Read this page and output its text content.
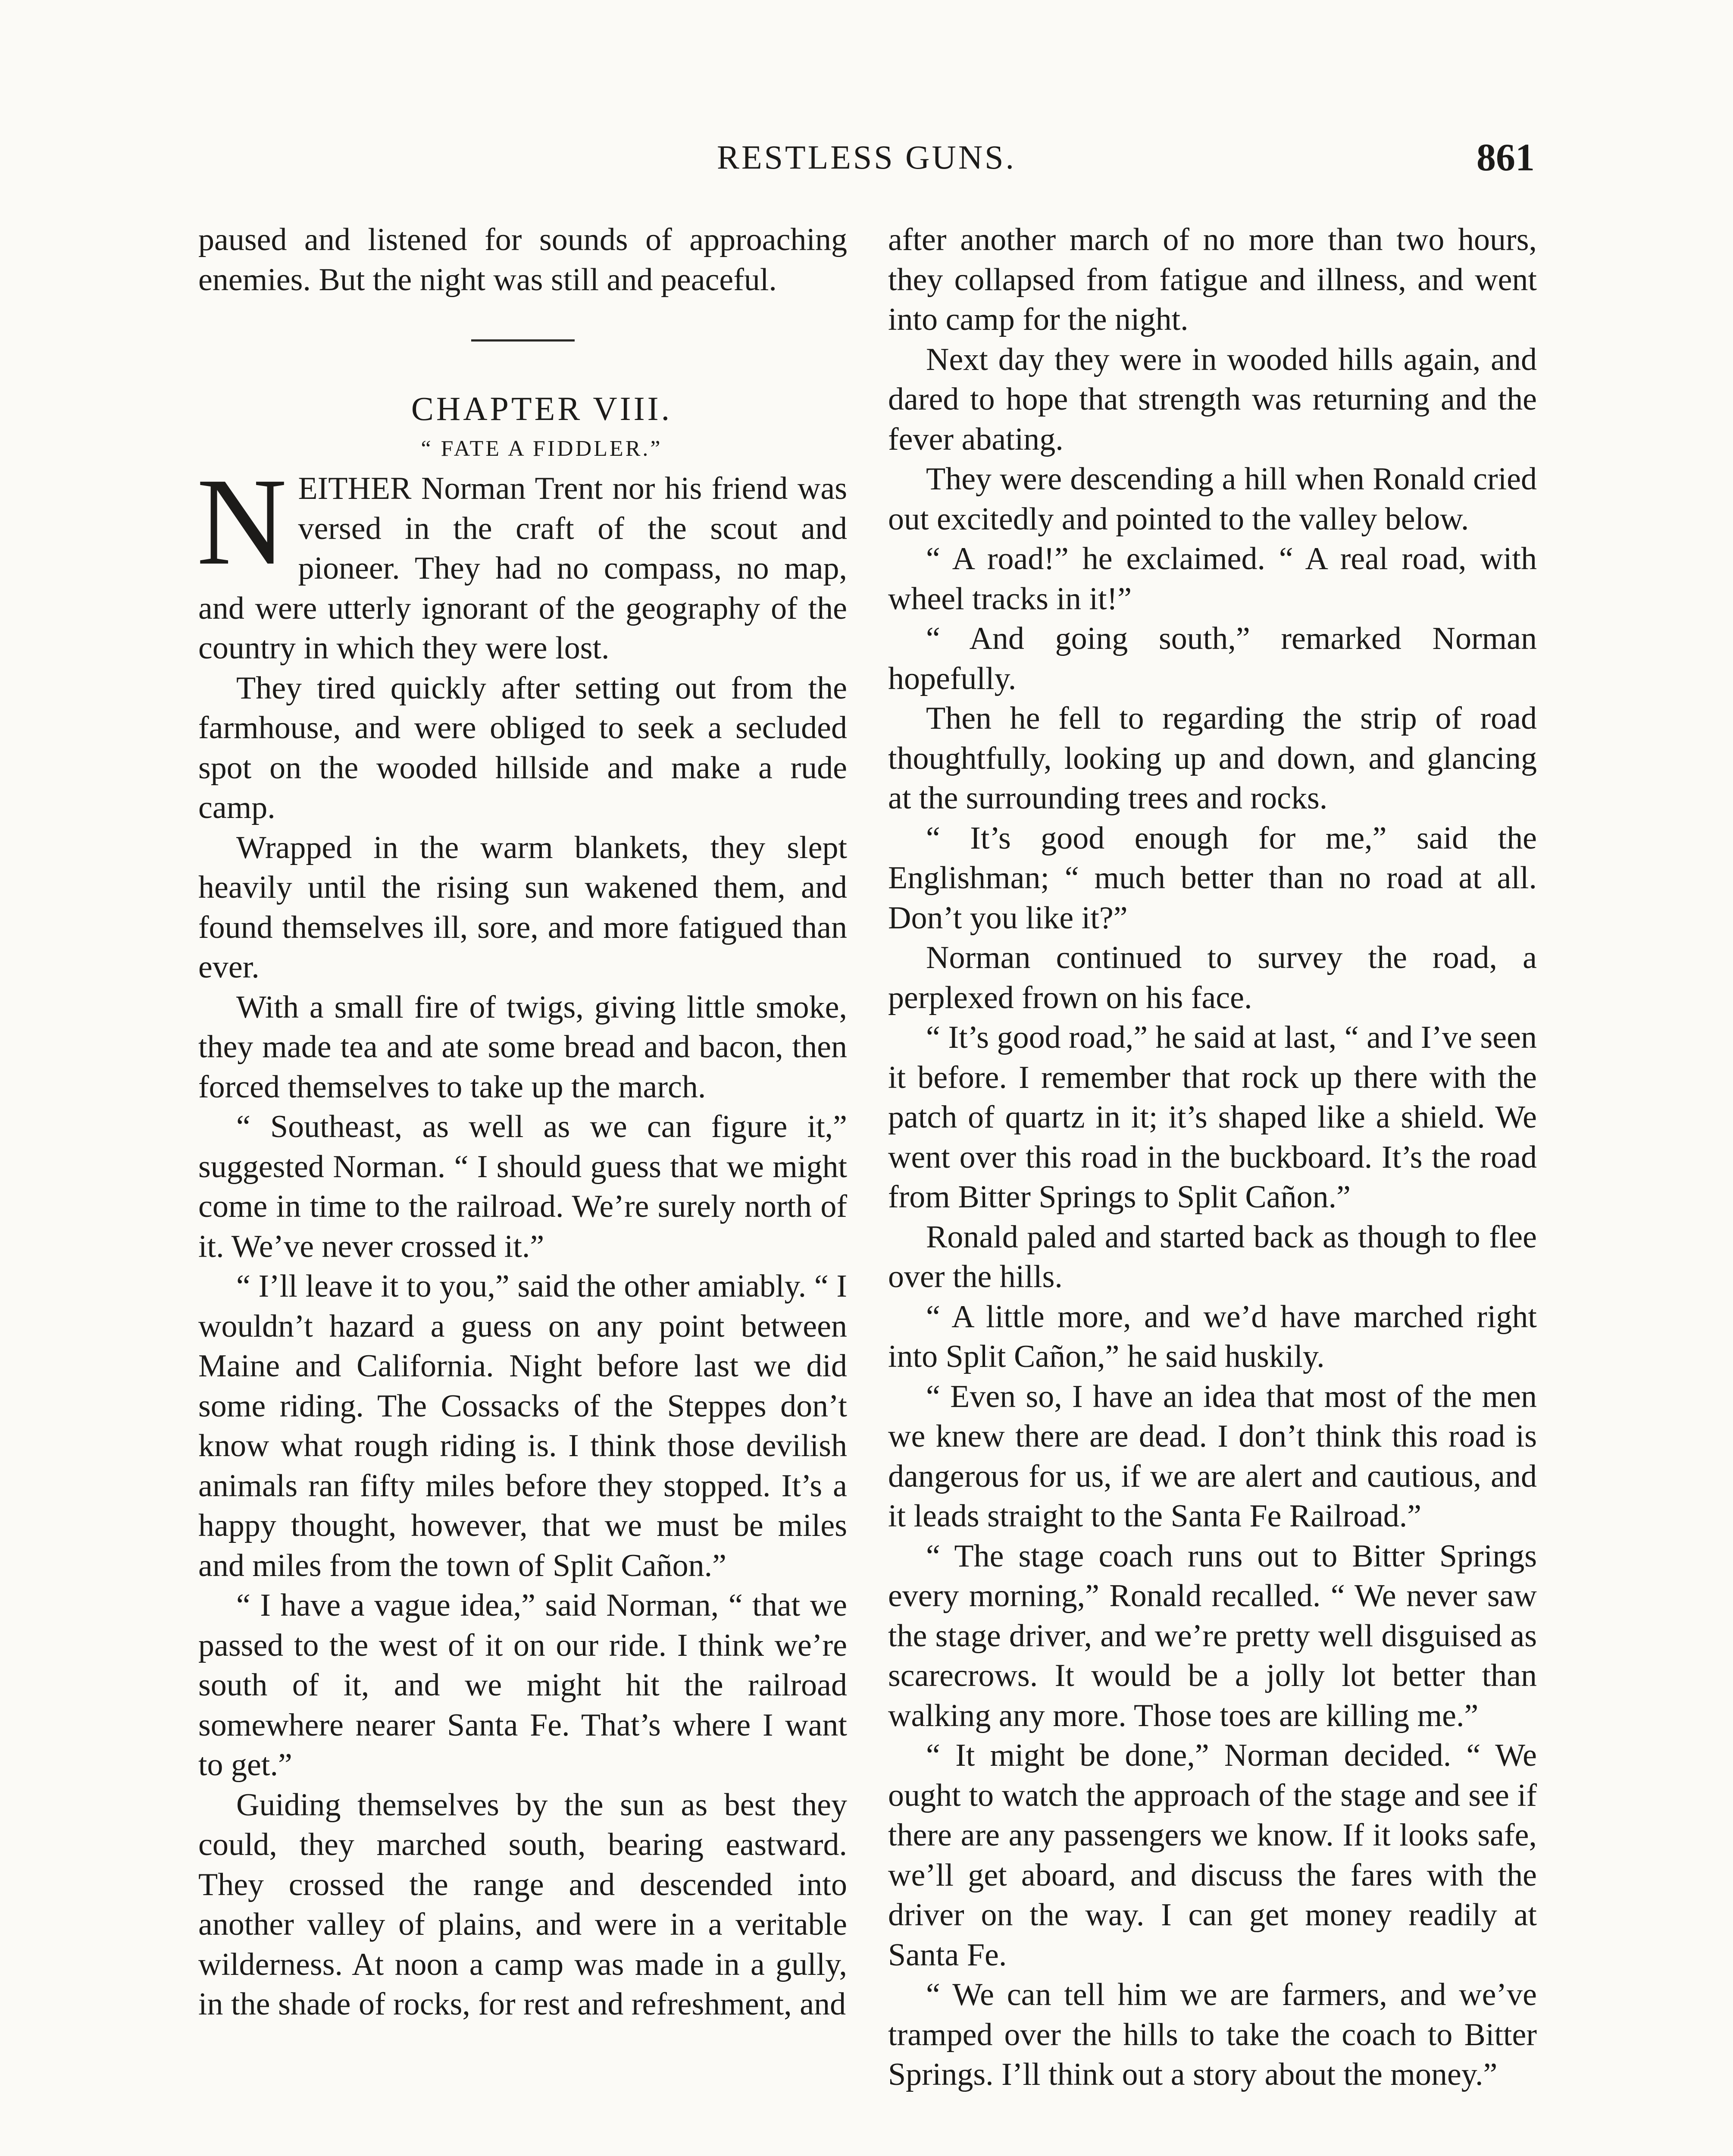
RESTLESS GUNS.	861

paused and listened for sounds of approaching enemies. But the night was still and peaceful.

CHAPTER VIII.

“ FATE A FIDDLER.”

NEITHER Norman Trent nor his friend was versed in the craft of the scout and pioneer. They had no compass, no map, and were utterly ignorant of the geography of the country in which they were lost.

They tired quickly after setting out from the farmhouse, and were obliged to seek a secluded spot on the wooded hillside and make a rude camp.

Wrapped in the warm blankets, they slept heavily until the rising sun wakened them, and found themselves ill, sore, and more fatigued than ever.

With a small fire of twigs, giving little smoke, they made tea and ate some bread and bacon, then forced themselves to take up the march.

“ Southeast, as well as we can figure it,” suggested Norman. “ I should guess that we might come in time to the railroad. We’re surely north of it. We’ve never crossed it.”

“ I’ll leave it to you,” said the other amiably. “ I wouldn’t hazard a guess on any point between Maine and California. Night before last we did some riding. The Cossacks of the Steppes don’t know what rough riding is. I think those devilish animals ran fifty miles before they stopped. It’s a happy thought, however, that we must be miles and miles from the town of Split Cañon.”

“ I have a vague idea,” said Norman, “ that we passed to the west of it on our ride. I think we’re south of it, and we might hit the railroad somewhere nearer Santa Fe. That’s where I want to get.”

Guiding themselves by the sun as best they could, they marched south, bearing eastward. They crossed the range and descended into another valley of plains, and were in a veritable wilderness. At noon a camp was made in a gully, in the shade of rocks, for rest and refreshment, and

after another march of no more than two hours, they collapsed from fatigue and illness, and went into camp for the night.

Next day they were in wooded hills again, and dared to hope that strength was returning and the fever abating.

They were descending a hill when Ronald cried out excitedly and pointed to the valley below.

“ A road!” he exclaimed. “ A real road, with wheel tracks in it!”

“ And going south,” remarked Norman hopefully.

Then he fell to regarding the strip of road thoughtfully, looking up and down, and glancing at the surrounding trees and rocks.

“ It’s good enough for me,” said the Englishman; “ much better than no road at all. Don’t you like it?”

Norman continued to survey the road, a perplexed frown on his face.

“ It’s good road,” he said at last, “ and I’ve seen it before. I remember that rock up there with the patch of quartz in it; it’s shaped like a shield. We went over this road in the buckboard. It’s the road from Bitter Springs to Split Cañon.”

Ronald paled and started back as though to flee over the hills.

“ A little more, and we’d have marched right into Split Cañon,” he said huskily.

“ Even so, I have an idea that most of the men we knew there are dead. I don’t think this road is dangerous for us, if we are alert and cautious, and it leads straight to the Santa Fe Railroad.”

“ The stage coach runs out to Bitter Springs every morning,” Ronald recalled. “ We never saw the stage driver, and we’re pretty well disguised as scarecrows. It would be a jolly lot better than walking any more. Those toes are killing me.”

“ It might be done,” Norman decided. “ We ought to watch the approach of the stage and see if there are any passengers we know. If it looks safe, we’ll get aboard, and discuss the fares with the driver on the way. I can get money readily at Santa Fe.

“ We can tell him we are farmers, and we’ve tramped over the hills to take the coach to Bitter Springs. I’ll think out a story about the money.”
